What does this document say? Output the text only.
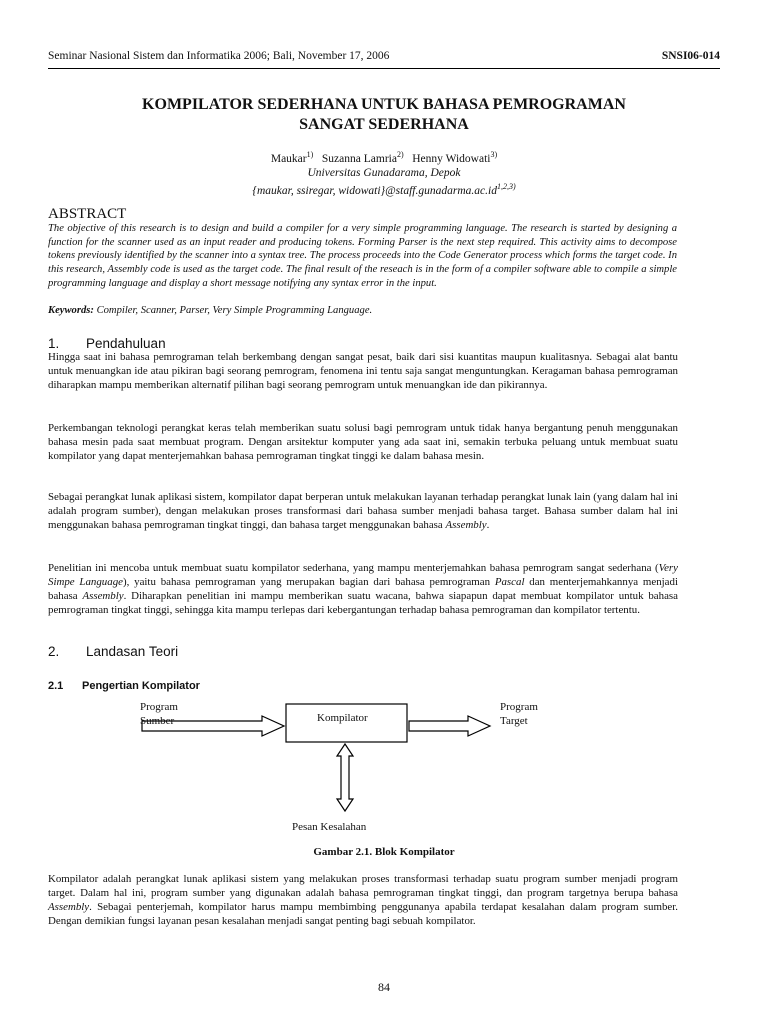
Seminar Nasional Sistem dan Informatika 2006; Bali, November 17, 2006	SNSI06-014
KOMPILATOR SEDERHANA UNTUK BAHASA PEMROGRAMAN
SANGAT SEDERHANA
Maukar$^{1)}$ Suzanna Lamria$^{2)}$ Henny Widowati$^{3)}$
Universitas Gunadarama, Depok
{maukar, ssiregar, widowati}@staff.gunadarma.ac.id$^{1,2,3)}$
ABSTRACT
The objective of this research is to design and build a compiler for a very simple programming language. The research is started by designing a function for the scanner used as an input reader and producing tokens. Forming Parser is the next step required. This activity aims to decompose tokens previously identified by the scanner into a syntax tree. The process proceeds into the Code Generator process which forms the target code. In this research, Assembly code is used as the target code. The final result of the reseach is in the form of a compiler software able to compile a simple programming language and display a short message notifying any syntax error in the input.
Keywords: Compiler, Scanner, Parser, Very Simple Programming Language.
1. Pendahuluan
Hingga saat ini bahasa pemrograman telah berkembang dengan sangat pesat, baik dari sisi kuantitas maupun kualitasnya. Sebagai alat bantu untuk menuangkan ide atau pikiran bagi seorang pemrogram, fenomena ini tentu saja sangat menguntungkan. Keragaman bahasa pemrograman diharapkan mampu memberikan alternatif pilihan bagi seorang pemrogram untuk menuangkan ide dan pikirannya.
Perkembangan teknologi perangkat keras telah memberikan suatu solusi bagi pemrogram untuk tidak hanya bergantung penuh menggunakan bahasa mesin pada saat membuat program. Dengan arsitektur komputer yang ada saat ini, semakin terbuka peluang untuk membuat suatu kompilator yang dapat menterjemahkan bahasa pemrograman tingkat tinggi ke dalam bahasa mesin.
Sebagai perangkat lunak aplikasi sistem, kompilator dapat berperan untuk melakukan layanan terhadap perangkat lunak lain (yang dalam hal ini adalah program sumber), dengan melakukan proses transformasi dari bahasa sumber menjadi bahasa target. Bahasa sumber dalam hal ini menggunakan bahasa pemrograman tingkat tinggi, dan bahasa target menggunakan bahasa Assembly.
Penelitian ini mencoba untuk membuat suatu kompilator sederhana, yang mampu menterjemahkan bahasa pemrogram sangat sederhana (Very Simpe Language), yaitu bahasa pemrograman yang merupakan bagian dari bahasa pemrograman Pascal dan menterjemahkannya menjadi bahasa Assembly. Diharapkan penelitian ini mampu memberikan suatu wacana, bahwa siapapun dapat membuat kompilator untuk bahasa pemrograman tingkat tinggi, sehingga kita mampu terlepas dari kebergantungan terhadap bahasa pemrograman dan kompilator tertentu.
2. Landasan Teori
2.1 Pengertian Kompilator
Program
Sumber	Kompilator
Program
Target
Pesan Kesalahan
Gambar 2.1. Blok Kompilator
Kompilator adalah perangkat lunak aplikasi sistem yang melakukan proses transformasi terhadap suatu program sumber menjadi program target. Dalam hal ini, program sumber yang digunakan adalah bahasa pemrograman tingkat tinggi, dan program targetnya berupa bahasa Assembly. Sebagai penterjemah, kompilator harus mampu membimbing penggunanya apabila terdapat kesalahan dalam program sumber. Dengan demikian fungsi layanan pesan kesalahan menjadi sangat penting bagi sebuah kompilator.
84
